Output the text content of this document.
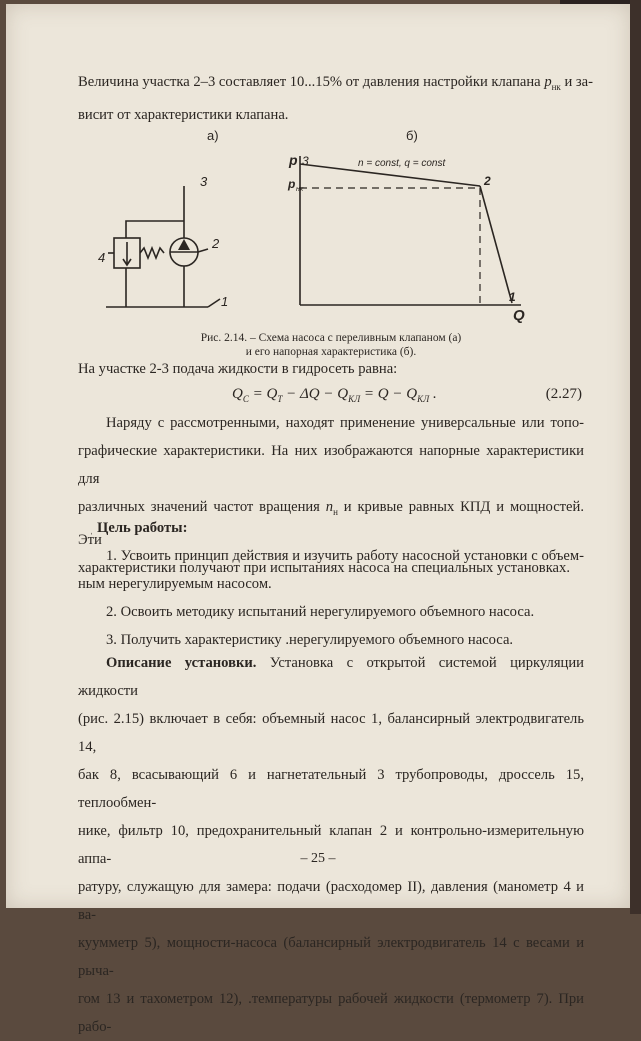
Величина участка 2–3 составляет 10...15% от давления настройки клапана $p_{нк}$ и за-
висит от характеристики клапана.
а)	б)
3
2
4
1
p 3
p нк
n = const, q = const
2
1
Q
Рис. 2.14. – Схема насоса с переливным клапаном (а)
и его напорная характеристика (б).
На участке 2-3 подача жидкости в гидросеть равна:
$Q_С = Q_Т - \Delta Q - Q_{КЛ} = Q - Q_{КЛ}$ .	(2.27)
Наряду с рассмотренными, находят применение универсальные или топо-
графические характеристики. На них изображаются напорные характеристики для
различных значений частот вращения $n_н$ и кривые равных КПД и мощностей. Эти
характеристики получают при испытаниях насоса на специальных установках.
ˌ Цель работы:
1. Усвоить принцип действия и изучить работу насосной установки с объем-
ным нерегулируемым насосом.
2. Освоить методику испытаний нерегулируемого объемного насоса.
3. Получить характеристику .нерегулируемого объемного насоса.
Описание установки. Установка с открытой системой циркуляции жидкости
(рис. 2.15) включает в себя: объемный насос 1, балансирный электродвигатель 14,
бак 8, всасывающий 6 и нагнетательный 3 трубопроводы, дроссель 15, теплообмен-
нике, фильтр 10, предохранительный клапан 2 и контрольно-измерительную аппа-
ратуру, служащую для замера: подачи (расходомер II), давления (манометр 4 и ва-
куумметр 5), мощности-насоса (балансирный электродвигатель 14 с весами и рыча-
гом 13 и тахометром 12), .температуры рабочей жидкости (термометр 7). При рабо-
– 25 –
